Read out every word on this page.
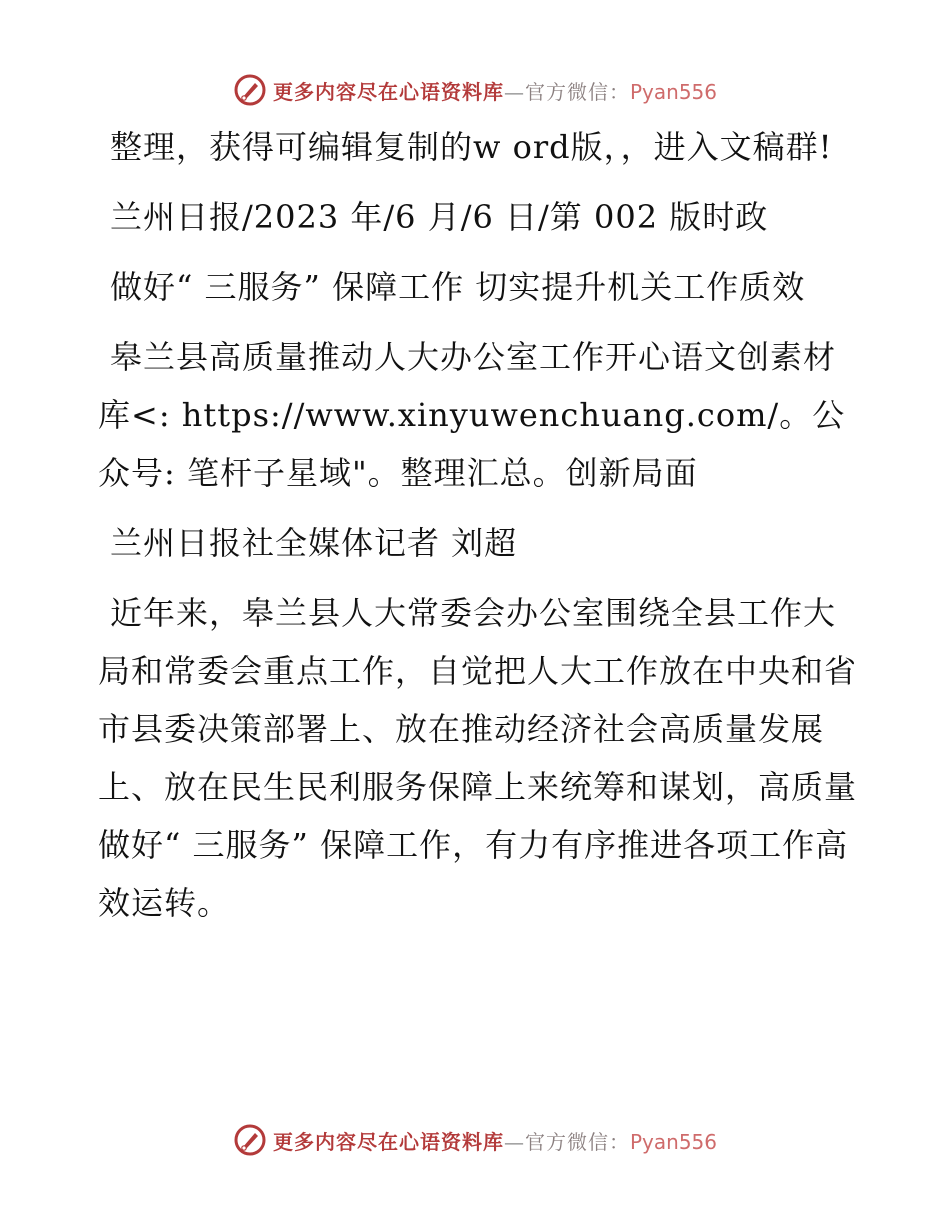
更多内容尽在心语资料库—官方微信：Pyan556

整理，获得可编辑复制的w ord版，，进入文稿群!

兰州日报/2023 年/6 月/6 日/第 002 版时政

做好“ 三服务” 保障工作 切实提升机关工作质效

皋兰县高质量推动人大办公室工作开心语文创素材库<: https://www.xinyuwenchuang.com/。公众号: 笔杆子星域"。整理汇总。创新局面

兰州日报社全媒体记者 刘超

近年来，皋兰县人大常委会办公室围绕全县工作大局和常委会重点工作，自觉把人大工作放在中央和省市县委决策部署上、放在推动经济社会高质量发展上、放在民生民利服务保障上来统筹和谋划，高质量做好“ 三服务” 保障工作，有力有序推进各项工作高效运转。

更多内容尽在心语资料库—官方微信：Pyan556
